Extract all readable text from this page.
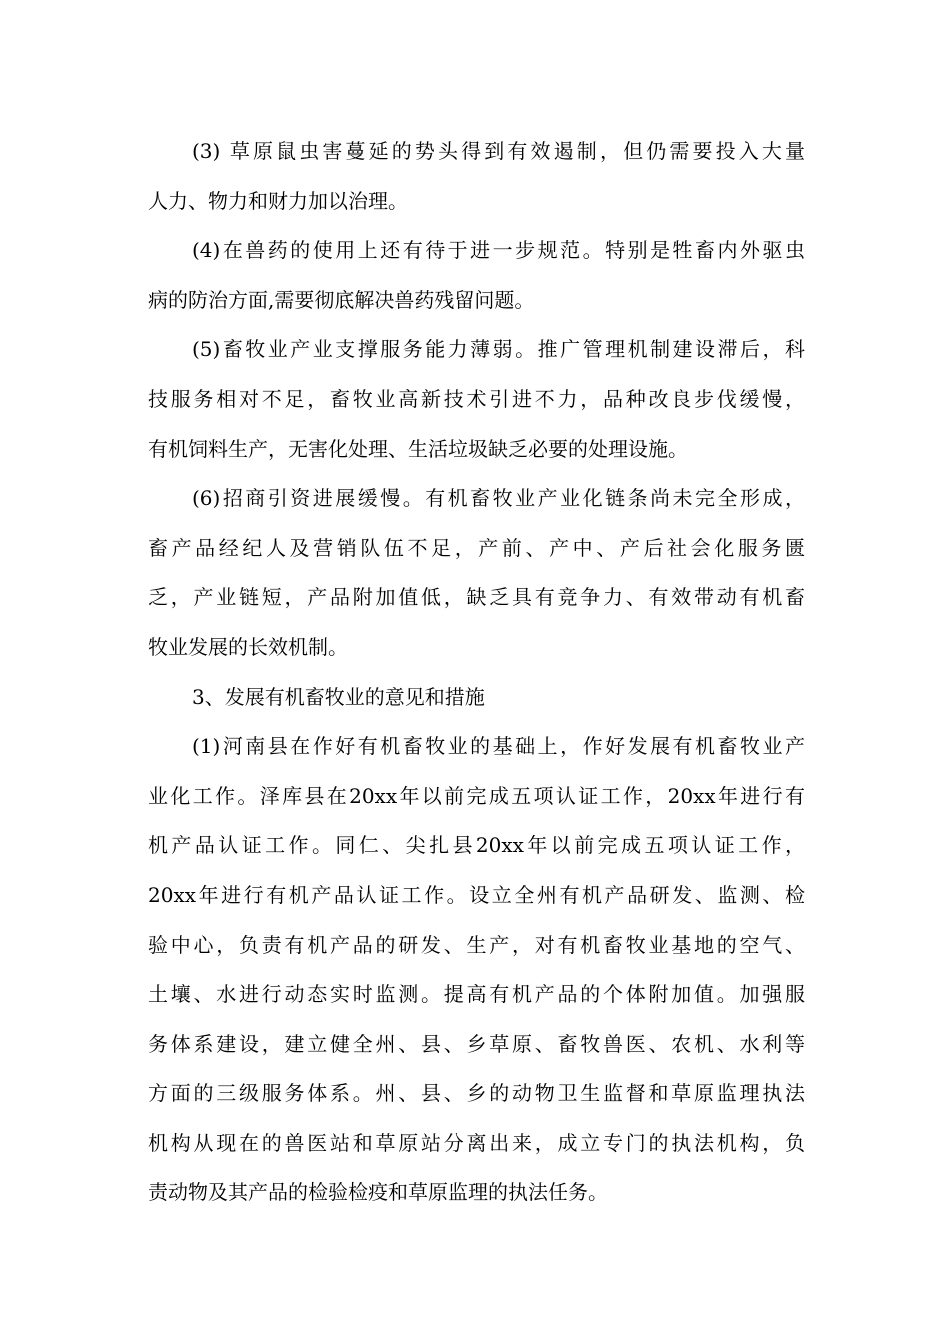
(3) 草原鼠虫害蔓延的势头得到有效遏制，但仍需要投入大量
人力、物力和财力加以治理。
(4)在兽药的使用上还有待于进一步规范。特别是牲畜内外驱虫
病的防治方面,需要彻底解决兽药残留问题。
(5)畜牧业产业支撑服务能力薄弱。推广管理机制建设滞后，科
技服务相对不足，畜牧业高新技术引进不力，品种改良步伐缓慢，
有机饲料生产，无害化处理、生活垃圾缺乏必要的处理设施。
(6)招商引资进展缓慢。有机畜牧业产业化链条尚未完全形成，
畜产品经纪人及营销队伍不足，产前、产中、产后社会化服务匮
乏，产业链短，产品附加值低，缺乏具有竞争力、有效带动有机畜
牧业发展的长效机制。
3、发展有机畜牧业的意见和措施
(1)河南县在作好有机畜牧业的基础上，作好发展有机畜牧业产
业化工作。泽库县在20xx年以前完成五项认证工作，20xx年进行有
机产品认证工作。同仁、尖扎县20xx年以前完成五项认证工作，
20xx年进行有机产品认证工作。设立全州有机产品研发、监测、检
验中心，负责有机产品的研发、生产，对有机畜牧业基地的空气、
土壤、水进行动态实时监测。提高有机产品的个体附加值。加强服
务体系建设，建立健全州、县、乡草原、畜牧兽医、农机、水利等
方面的三级服务体系。州、县、乡的动物卫生监督和草原监理执法
机构从现在的兽医站和草原站分离出来，成立专门的执法机构，负
责动物及其产品的检验检疫和草原监理的执法任务。
